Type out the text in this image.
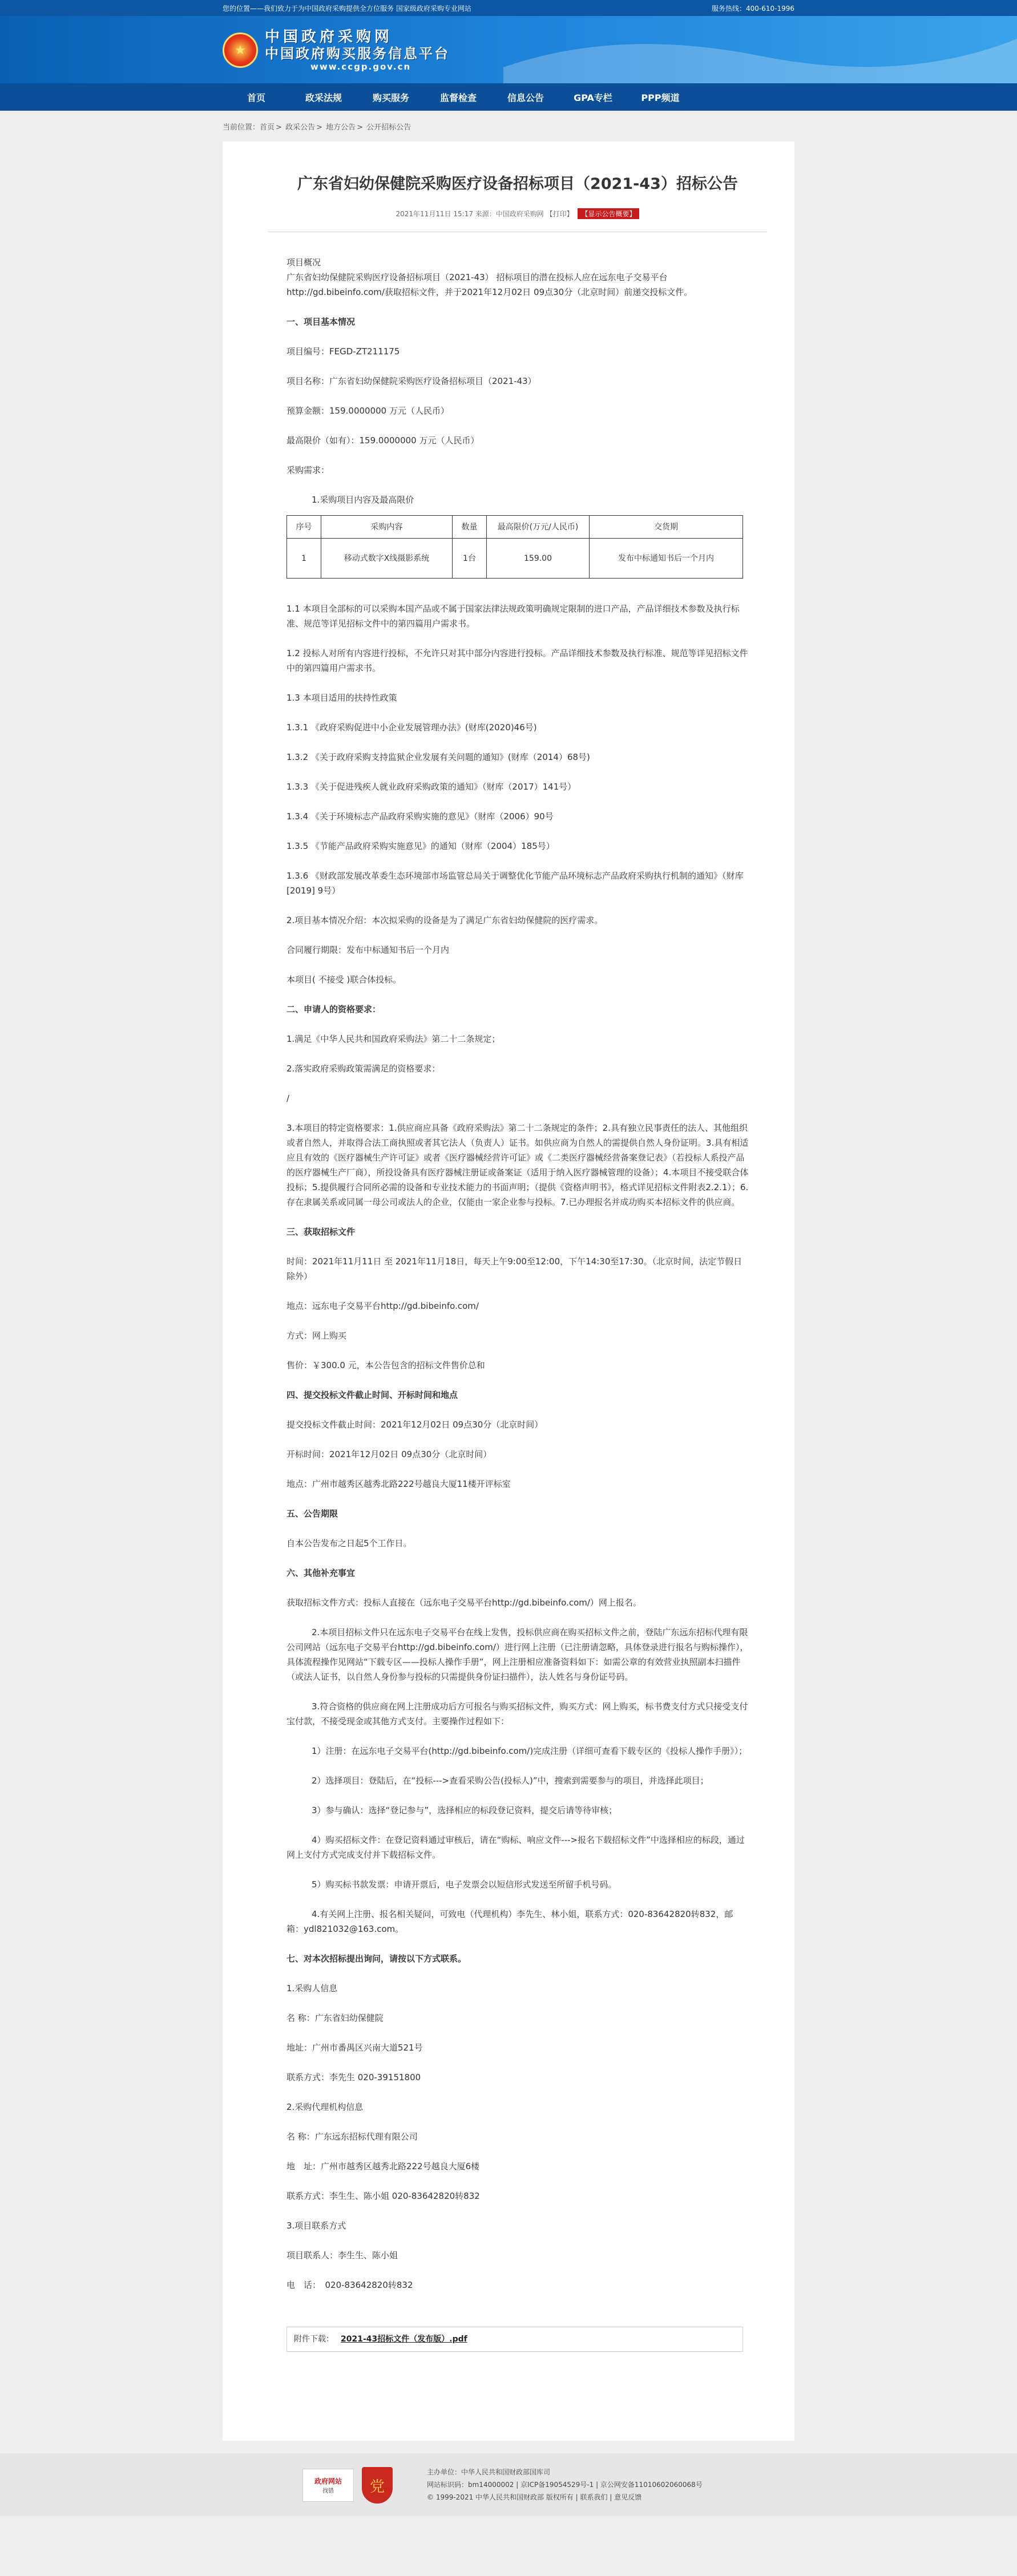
您的位置——我们致力于为中国政府采购提供全方位服务 国家级政府采购专业网站	服务热线：400-610-1996
★
中国政府采购网
中国政府购买服务信息平台
www.ccgp.gov.cn
首页	政采法规	购买服务	监督检查	信息公告	GPA专栏	PPP频道
当前位置：首页 > 政采公告 > 地方公告 > 公开招标公告
广东省妇幼保健院采购医疗设备招标项目（2021-43）招标公告
2021年11月11日 15:17 来源：中国政府采购网 【打印】 【显示公告概要】

项目概况

广东省妇幼保健院采购医疗设备招标项目（2021-43） 招标项目的潜在投标人应在远东电子交易平台

http://gd.bibeinfo.com/获取招标文件，并于2021年12月02日 09点30分（北京时间）前递交投标文件。

一、项目基本情况

项目编号：FEGD-ZT211175

项目名称：广东省妇幼保健院采购医疗设备招标项目（2021-43）

预算金额：159.0000000 万元（人民币）

最高限价（如有）：159.0000000 万元（人民币）

采购需求：

1.采购项目内容及最高限价

序号	采购内容	数量	最高限价(万元/人民币)	交货期
1	移动式数字X线摄影系统	1台	159.00	发布中标通知书后一个月内

1.1 本项目全部标的可以采购本国产品或不属于国家法律法规政策明确规定限制的进口产品，产品详细技术参数及执行标准、规范等详见招标文件中的第四篇用户需求书。

1.2 投标人对所有内容进行投标，不允许只对其中部分内容进行投标。产品详细技术参数及执行标准、规范等详见招标文件中的第四篇用户需求书。

1.3 本项目适用的扶持性政策

1.3.1 《政府采购促进中小企业发展管理办法》(财库(2020)46号)

1.3.2 《关于政府采购支持监狱企业发展有关问题的通知》(财库（2014）68号)

1.3.3 《关于促进残疾人就业政府采购政策的通知》（财库（2017）141号）

1.3.4 《关于环境标志产品政府采购实施的意见》（财库（2006）90号

1.3.5 《节能产品政府采购实施意见》的通知（财库（2004）185号）

1.3.6 《财政部发展改革委生态环境部市场监管总局关于调整优化节能产品环境标志产品政府采购执行机制的通知》（财库[2019] 9号）

2.项目基本情况介绍：本次拟采购的设备是为了满足广东省妇幼保健院的医疗需求。

合同履行期限：发布中标通知书后一个月内

本项目( 不接受 )联合体投标。

二、申请人的资格要求：

1.满足《中华人民共和国政府采购法》第二十二条规定；

2.落实政府采购政策需满足的资格要求：

/

3.本项目的特定资格要求：1.供应商应具备《政府采购法》第二十二条规定的条件；2.具有独立民事责任的法人、其他组织或者自然人，并取得合法工商执照或者其它法人（负责人）证书。如供应商为自然人的需提供自然人身份证明。3.具有相适应且有效的《医疗器械生产许可证》或者《医疗器械经营许可证》或《二类医疗器械经营备案登记表》（若投标人系投产品的医疗器械生产厂商），所投设备具有医疗器械注册证或备案证（适用于纳入医疗器械管理的设备）；4.本项目不接受联合体投标；5.提供履行合同所必需的设备和专业技术能力的书面声明；（提供《资格声明书》，格式详见招标文件附表2.2.1）；6.存在隶属关系或同属一母公司或法人的企业，仅能由一家企业参与投标。7.已办理报名并成功购买本招标文件的供应商。

三、获取招标文件

时间：2021年11月11日 至 2021年11月18日，每天上午9:00至12:00，下午14:30至17:30。（北京时间，法定节假日除外）

地点：远东电子交易平台http://gd.bibeinfo.com/

方式：网上购买

售价：￥300.0 元，本公告包含的招标文件售价总和

四、提交投标文件截止时间、开标时间和地点

提交投标文件截止时间：2021年12月02日 09点30分（北京时间）

开标时间：2021年12月02日 09点30分（北京时间）

地点：广州市越秀区越秀北路222号越良大厦11楼开评标室

五、公告期限

自本公告发布之日起5个工作日。

六、其他补充事宜

获取招标文件方式：投标人直接在（远东电子交易平台http://gd.bibeinfo.com/）网上报名。

2.本项目招标文件只在远东电子交易平台在线上发售，投标供应商在购买招标文件之前，登陆广东远东招标代理有限公司网站（远东电子交易平台http://gd.bibeinfo.com/）进行网上注册（已注册请忽略，具体登录进行报名与购标操作），具体流程操作见网站“下载专区——投标人操作手册”，网上注册相应准备资料如下：如需公章的有效营业执照副本扫描件（或法人证书，以自然人身份参与投标的只需提供身份证扫描件），法人姓名与身份证号码。

3.符合资格的供应商在网上注册成功后方可报名与购买招标文件，购买方式：网上购买，标书费支付方式只接受支付宝付款，不接受现金或其他方式支付。主要操作过程如下：

1）注册：在远东电子交易平台(http://gd.bibeinfo.com/)完成注册（详细可查看下载专区的《投标人操作手册》）；

2）选择项目：登陆后，在“投标--->查看采购公告(投标人)”中，搜索到需要参与的项目，并选择此项目；

3）参与确认：选择“登记参与”，选择相应的标段登记资料，提交后请等待审核；

4）购买招标文件：在登记资料通过审核后，请在“购标、响应文件--->报名下载招标文件”中选择相应的标段，通过网上支付方式完成支付并下载招标文件。

5）购买标书款发票：申请开票后，电子发票会以短信形式发送至所留手机号码。

4.有关网上注册、报名相关疑问，可致电（代理机构）李先生、林小姐，联系方式：020-83642820转832，邮箱：ydl821032@163.com。

七、对本次招标提出询问，请按以下方式联系。

1.采购人信息

名 称：广东省妇幼保健院

地址：广州市番禺区兴南大道521号

联系方式：李先生 020-39151800

2.采购代理机构信息

名 称：广东远东招标代理有限公司

地　址：广州市越秀区越秀北路222号越良大厦6楼

联系方式：李生生、陈小姐 020-83642820转832

3.项目联系方式

项目联系人：李生生、陈小姐

电　话：　020-83642820转832

附件下载： 2021-43招标文件（发布版）.pdf
政府网站
找错	党
主办单位：中华人民共和国财政部国库司
网站标识码：bm14000002 | 京ICP备19054529号-1 | 京公网安备11010602060068号
© 1999-2021 中华人民共和国财政部 版权所有 | 联系我们 | 意见反馈
